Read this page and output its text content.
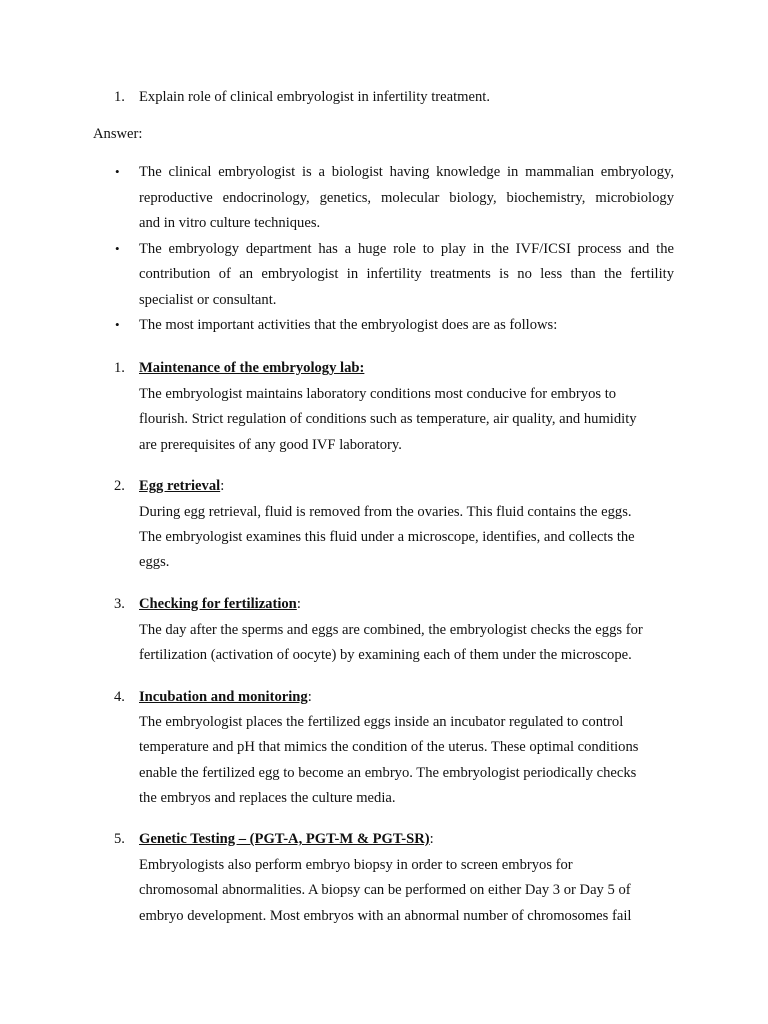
1. Explain role of clinical embryologist in infertility treatment.
Answer:
• The clinical embryologist is a biologist having knowledge in mammalian embryology,
reproductive endocrinology, genetics, molecular biology, biochemistry, microbiology
and in vitro culture techniques.
• The embryology department has a huge role to play in the IVF/ICSI process and the
contribution of an embryologist in infertility treatments is no less than the fertility
specialist or consultant.
• The most important activities that the embryologist does are as follows:
1. Maintenance of the embryology lab:
The embryologist maintains laboratory conditions most conducive for embryos to
flourish. Strict regulation of conditions such as temperature, air quality, and humidity
are prerequisites of any good IVF laboratory.
2. Egg retrieval:
During egg retrieval, fluid is removed from the ovaries. This fluid contains the eggs.
The embryologist examines this fluid under a microscope, identifies, and collects the
eggs.
3. Checking for fertilization:
The day after the sperms and eggs are combined, the embryologist checks the eggs for
fertilization (activation of oocyte) by examining each of them under the microscope.
4. Incubation and monitoring:
The embryologist places the fertilized eggs inside an incubator regulated to control
temperature and pH that mimics the condition of the uterus. These optimal conditions
enable the fertilized egg to become an embryo. The embryologist periodically checks
the embryos and replaces the culture media.
5. Genetic Testing – (PGT-A, PGT-M & PGT-SR):
Embryologists also perform embryo biopsy in order to screen embryos for
chromosomal abnormalities. A biopsy can be performed on either Day 3 or Day 5 of
embryo development. Most embryos with an abnormal number of chromosomes fail
